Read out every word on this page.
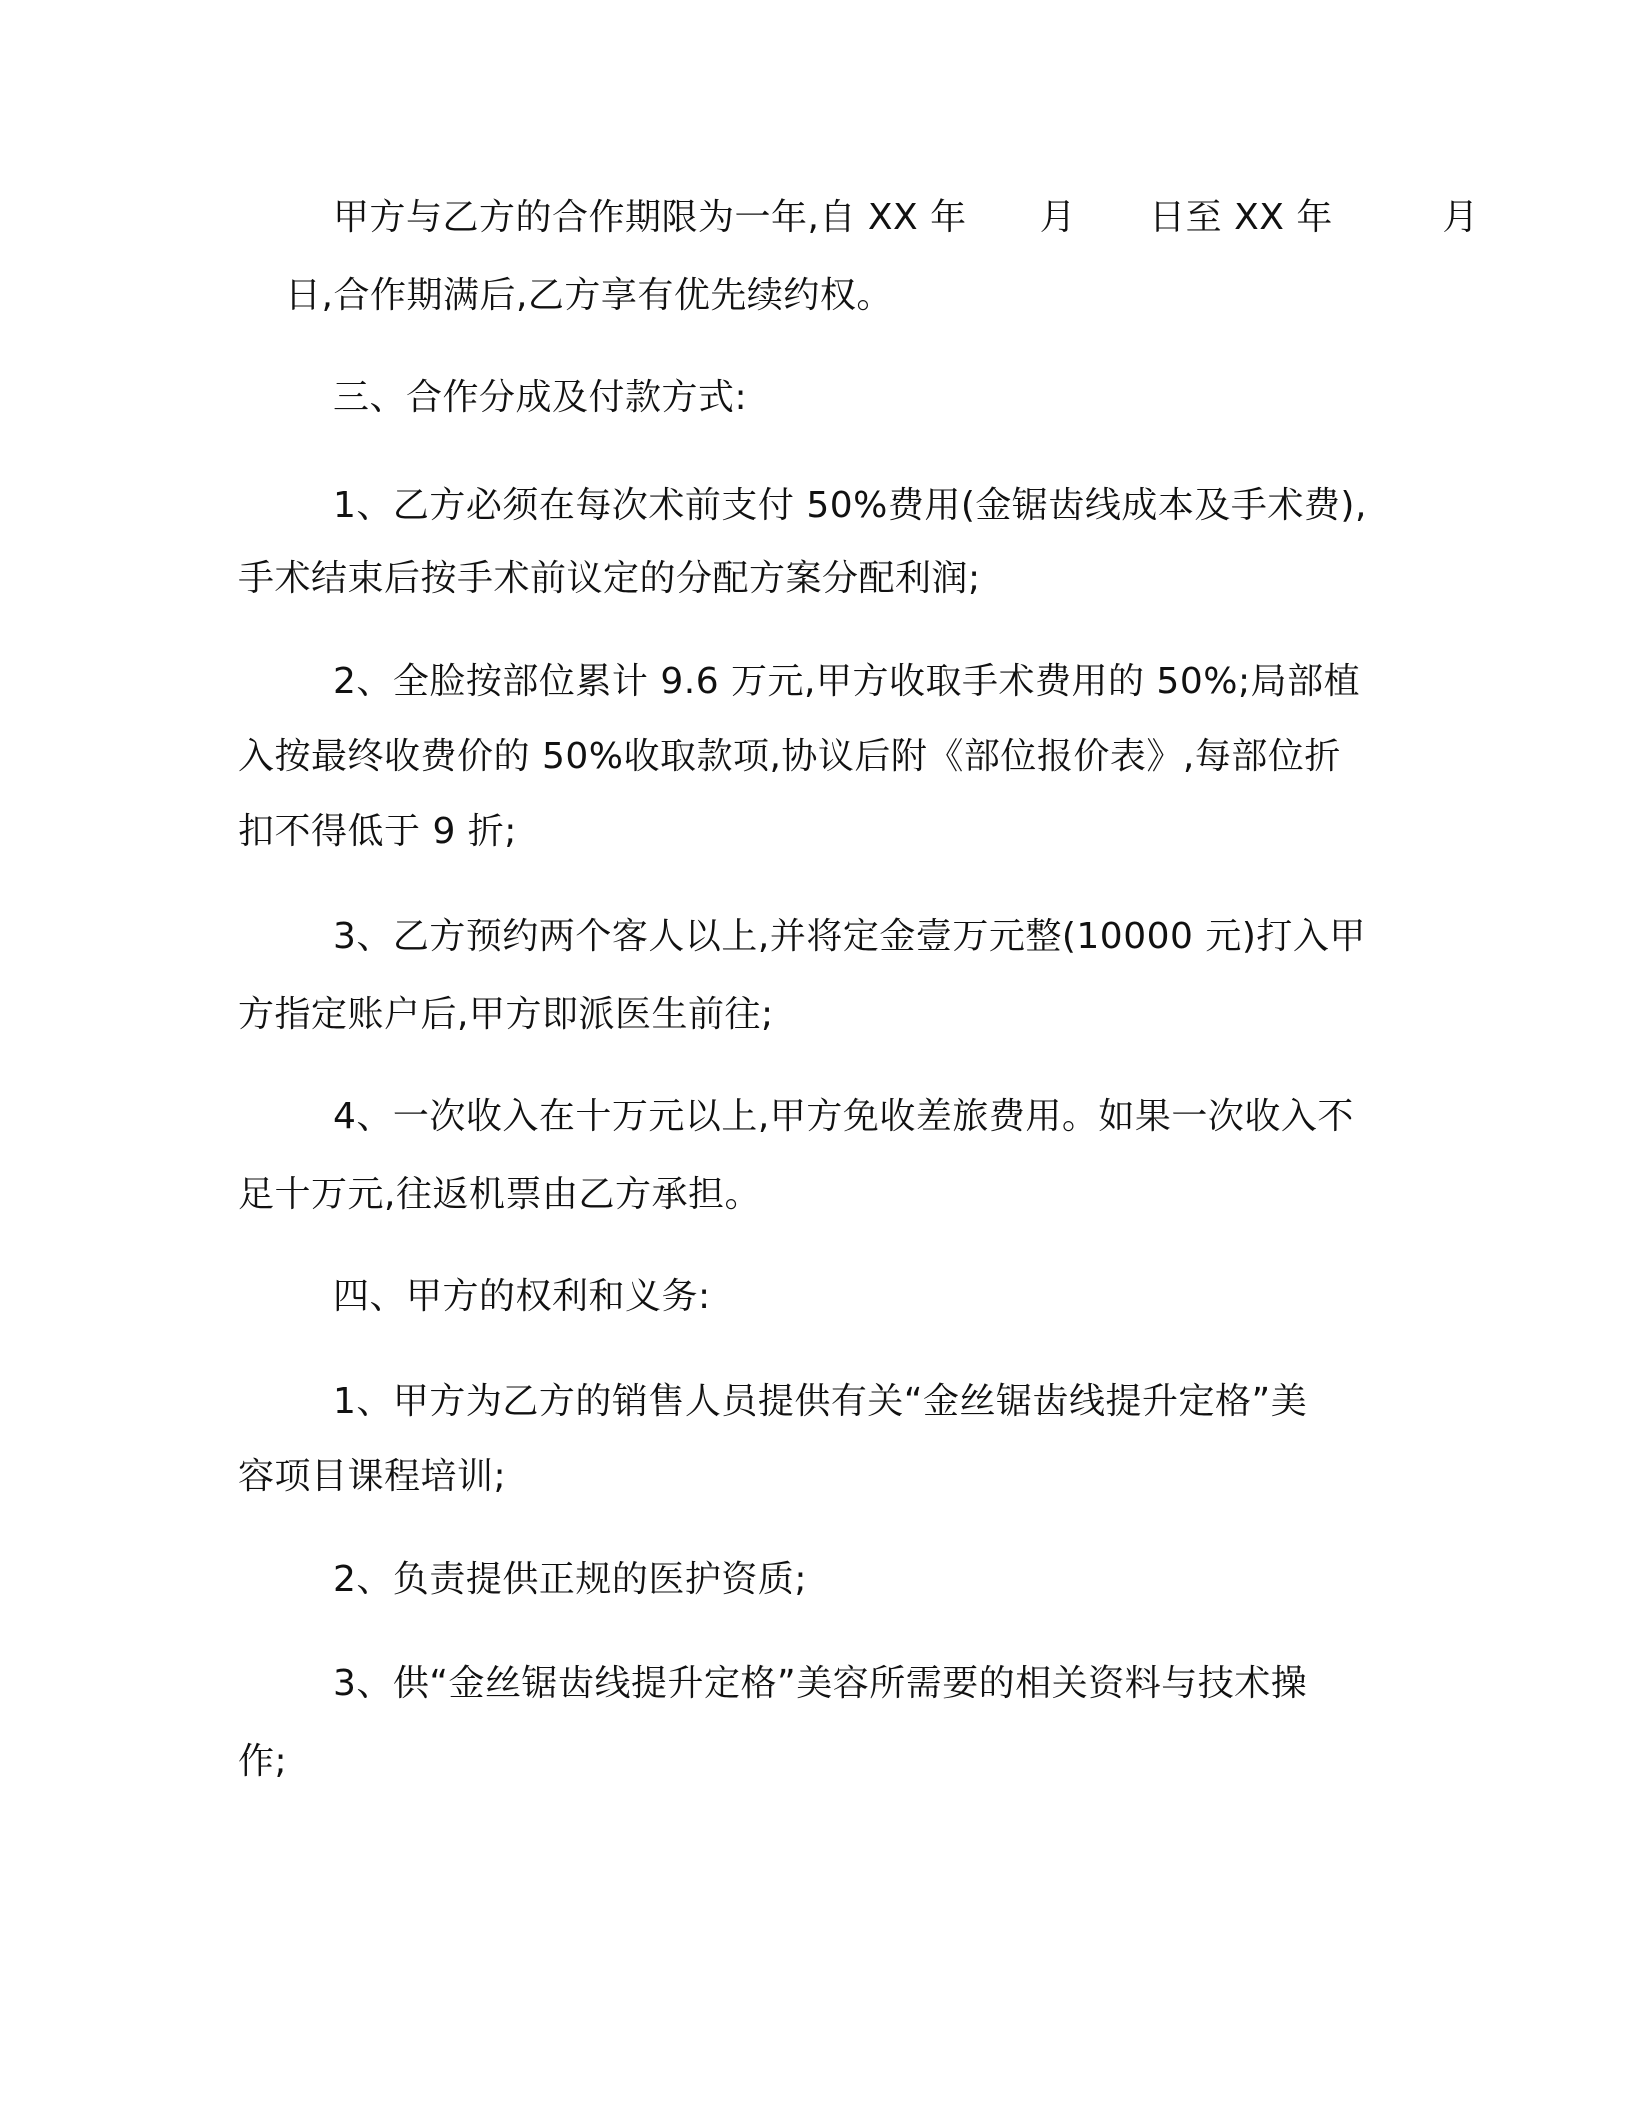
甲方与乙方的合作期限为一年,自 XX 年　　月　　日至 XX 年　　　月

日,合作期满后,乙方享有优先续约权。

三、合作分成及付款方式:

1、乙方必须在每次术前支付 50%费用(金锯齿线成本及手术费),

手术结束后按手术前议定的分配方案分配利润;

2、全脸按部位累计 9.6 万元,甲方收取手术费用的 50%;局部植

入按最终收费价的 50%收取款项,协议后附《部位报价表》,每部位折

扣不得低于 9 折;

3、乙方预约两个客人以上,并将定金壹万元整(10000 元)打入甲

方指定账户后,甲方即派医生前往;

4、一次收入在十万元以上,甲方免收差旅费用。如果一次收入不

足十万元,往返机票由乙方承担。

四、甲方的权利和义务:

1、甲方为乙方的销售人员提供有关“金丝锯齿线提升定格”美

容项目课程培训;

2、负责提供正规的医护资质;

3、供“金丝锯齿线提升定格”美容所需要的相关资料与技术操

作;
